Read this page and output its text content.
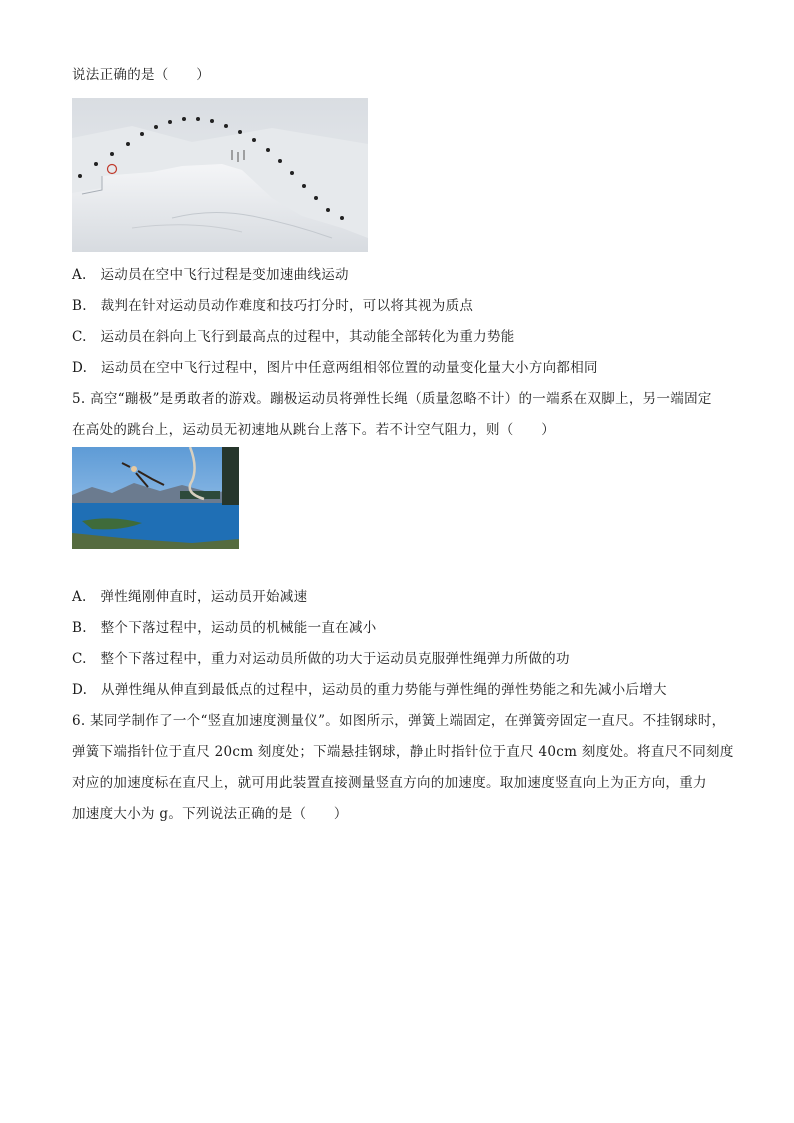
说法正确的是（　　）
A.　运动员在空中飞行过程是变加速曲线运动
B.　裁判在针对运动员动作难度和技巧打分时，可以将其视为质点
C.　运动员在斜向上飞行到最高点的过程中，其动能全部转化为重力势能
D.　运动员在空中飞行过程中，图片中任意两组相邻位置的动量变化量大小方向都相同
5. 高空“蹦极”是勇敢者的游戏。蹦极运动员将弹性长绳（质量忽略不计）的一端系在双脚上，另一端固定
在高处的跳台上，运动员无初速地从跳台上落下。若不计空气阻力，则（　　）
A.　弹性绳刚伸直时，运动员开始减速
B.　整个下落过程中，运动员的机械能一直在减小
C.　整个下落过程中，重力对运动员所做的功大于运动员克服弹性绳弹力所做的功
D.　从弹性绳从伸直到最低点的过程中，运动员的重力势能与弹性绳的弹性势能之和先减小后增大
6. 某同学制作了一个“竖直加速度测量仪”。如图所示，弹簧上端固定，在弹簧旁固定一直尺。不挂钢球时，
弹簧下端指针位于直尺 20cm 刻度处；下端悬挂钢球，静止时指针位于直尺 40cm 刻度处。将直尺不同刻度
对应的加速度标在直尺上，就可用此装置直接测量竖直方向的加速度。取加速度竖直向上为正方向，重力
加速度大小为 g。下列说法正确的是（　　）
